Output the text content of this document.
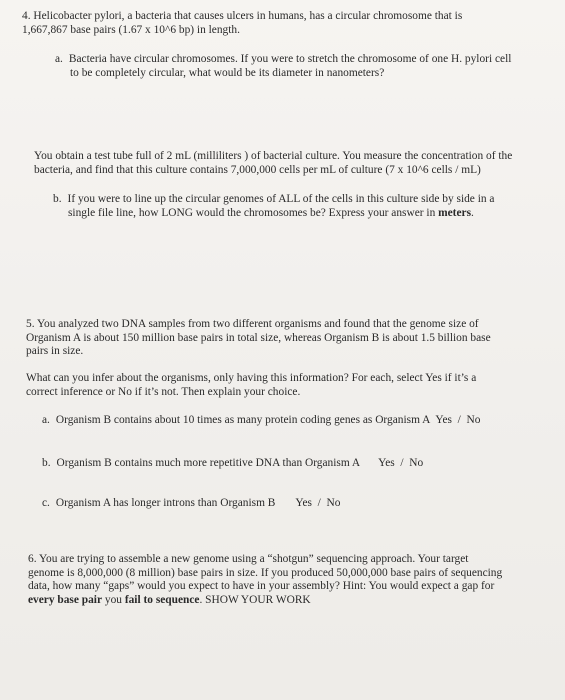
4. Helicobacter pylori, a bacteria that causes ulcers in humans, has a circular chromosome that is

1,667,867 base pairs (1.67 x 10^6 bp) in length.

a. Bacteria have circular chromosomes. If you were to stretch the chromosome of one H. pylori cell

to be completely circular, what would be its diameter in nanometers?

You obtain a test tube full of 2 mL (milliliters ) of bacterial culture. You measure the concentration of the

bacteria, and find that this culture contains 7,000,000 cells per mL of culture (7 x 10^6 cells / mL)

b. If you were to line up the circular genomes of ALL of the cells in this culture side by side in a

single file line, how LONG would the chromosomes be? Express your answer in meters.

5. You analyzed two DNA samples from two different organisms and found that the genome size of

Organism A is about 150 million base pairs in total size, whereas Organism B is about 1.5 billion base

pairs in size.

What can you infer about the organisms, only having this information? For each, select Yes if it’s a

correct inference or No if it’s not. Then explain your choice.

a. Organism B contains about 10 times as many protein coding genes as Organism A Yes  /  No

b. Organism B contains much more repetitive DNA than Organism A Yes  /  No

c. Organism A has longer introns than Organism B Yes  /  No

6. You are trying to assemble a new genome using a “shotgun” sequencing approach. Your target

genome is 8,000,000 (8 million) base pairs in size. If you produced 50,000,000 base pairs of sequencing

data, how many “gaps” would you expect to have in your assembly? Hint: You would expect a gap for

every base pair you fail to sequence. SHOW YOUR WORK
